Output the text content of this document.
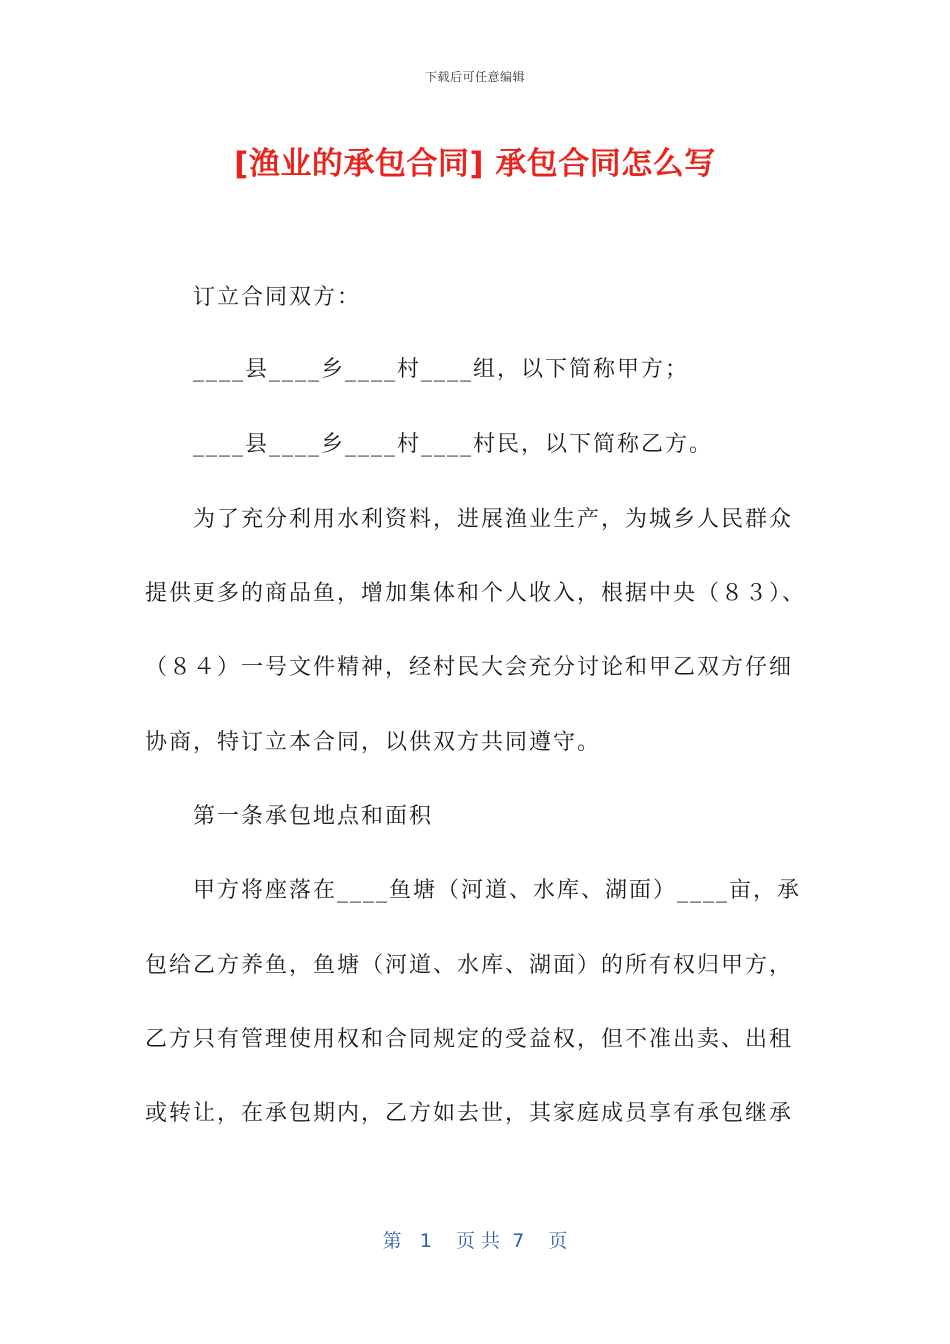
下载后可任意编辑
[渔业的承包合同] 承包合同怎么写
订立合同双方：
____县____乡____村____组，以下简称甲方；
____县____乡____村____村民，以下简称乙方。
为了充分利用水利资料，进展渔业生产，为城乡人民群众
提供更多的商品鱼，增加集体和个人收入，根据中央（８３）、
（８４）一号文件精神，经村民大会充分讨论和甲乙双方仔细
协商，特订立本合同，以供双方共同遵守。
第一条承包地点和面积
甲方将座落在____鱼塘（河道、水库、湖面）____亩，承
包给乙方养鱼，鱼塘（河道、水库、湖面）的所有权归甲方，
乙方只有管理使用权和合同规定的受益权，但不准出卖、出租
或转让，在承包期内，乙方如去世，其家庭成员享有承包继承
第   1    页 共  7    页
